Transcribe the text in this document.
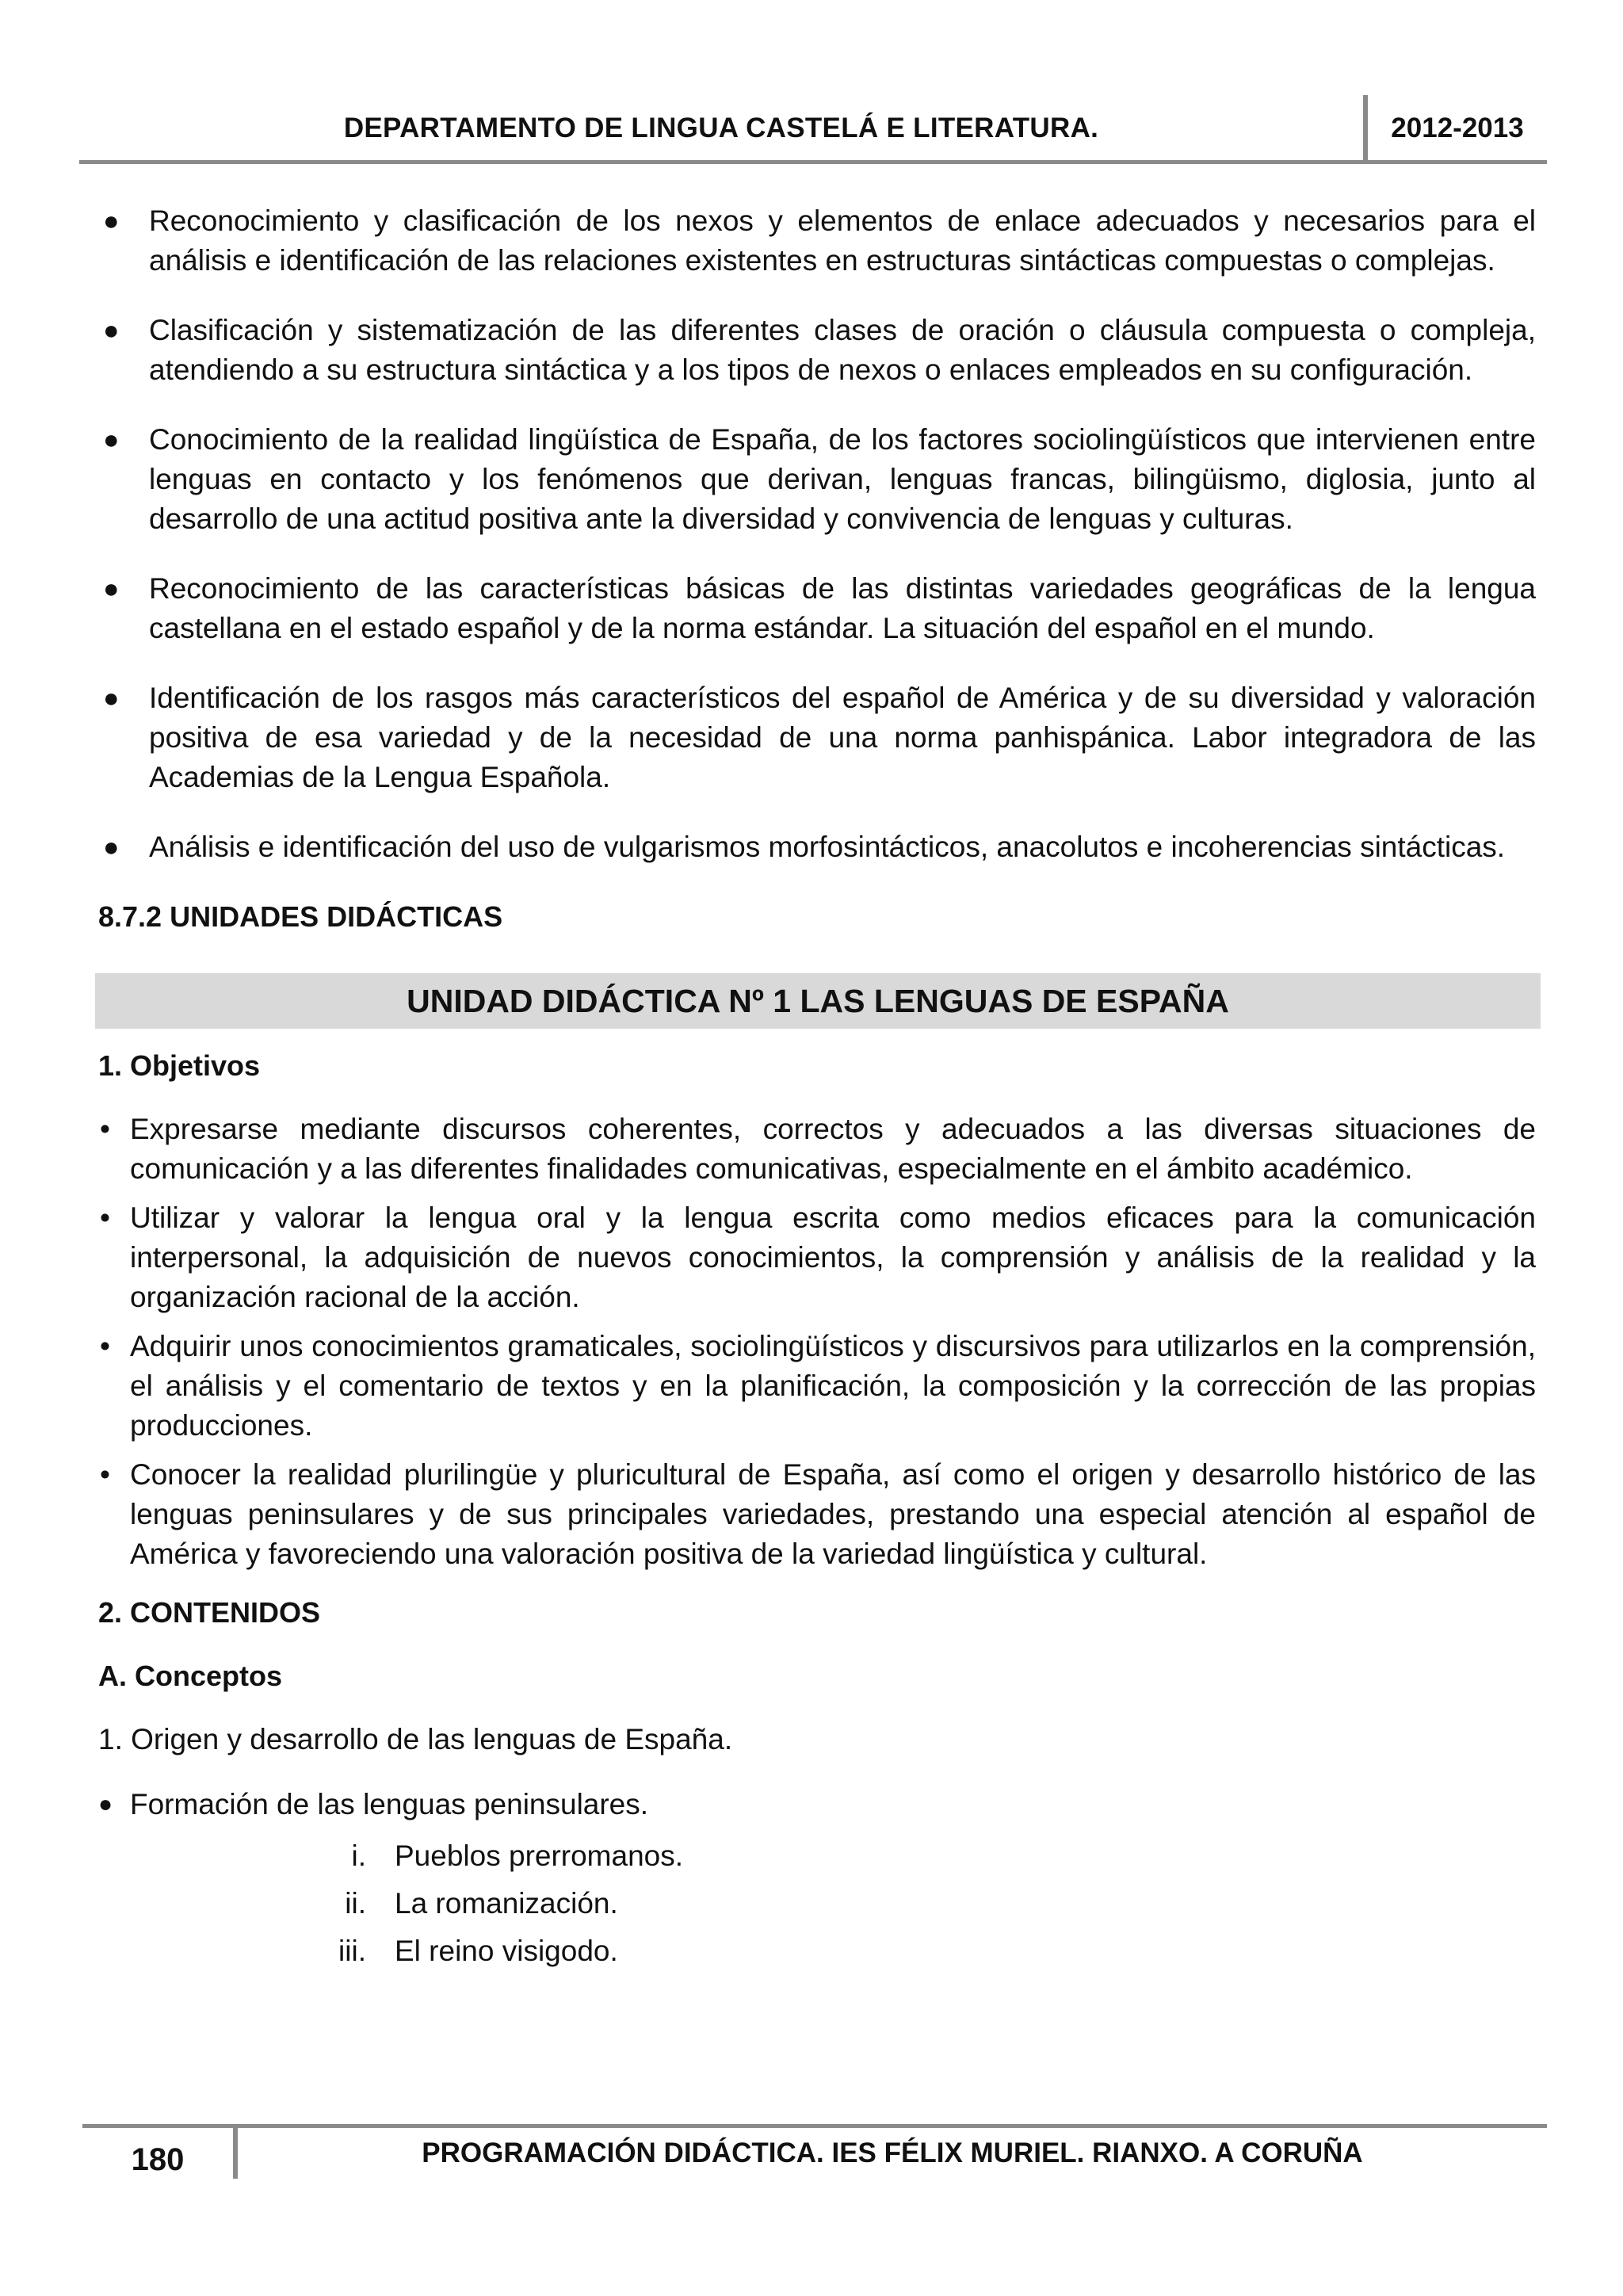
DEPARTAMENTO DE LINGUA CASTELÁ E LITERATURA.	2012-2013
● Reconocimiento y clasificación de los nexos y elementos de enlace adecuados y necesarios para el análisis e identificación de las relaciones existentes en estructuras sintácticas compuestas o complejas.
● Clasificación y sistematización de las diferentes clases de oración o cláusula compuesta o compleja, atendiendo a su estructura sintáctica y a los tipos de nexos o enlaces empleados en su configuración.
● Conocimiento de la realidad lingüística de España, de los factores sociolingüísticos que intervienen entre lenguas en contacto y los fenómenos que derivan, lenguas francas, bilingüismo, diglosia, junto al desarrollo de una actitud positiva ante la diversidad y convivencia de lenguas y culturas.
● Reconocimiento de las características básicas de las distintas variedades geográficas de la lengua castellana en el estado español y de la norma estándar. La situación del español en el mundo.
● Identificación de los rasgos más característicos del español de América y de su diversidad y valoración positiva de esa variedad y de la necesidad de una norma panhispánica. Labor integradora de las Academias de la Lengua Española.
● Análisis e identificación del uso de vulgarismos morfosintácticos, anacolutos e incoherencias sintácticas.

8.7.2 UNIDADES DIDÁCTICAS

UNIDAD DIDÁCTICA Nº 1 LAS LENGUAS DE ESPAÑA

1. Objetivos

• Expresarse mediante discursos coherentes, correctos y adecuados a las diversas situaciones de comunicación y a las diferentes finalidades comunicativas, especialmente en el ámbito académico.
• Utilizar y valorar la lengua oral y la lengua escrita como medios eficaces para la comunicación interpersonal, la adquisición de nuevos conocimientos, la comprensión y análisis de la realidad y la organización racional de la acción.
• Adquirir unos conocimientos gramaticales, sociolingüísticos y discursivos para utilizarlos en la comprensión, el análisis y el comentario de textos y en la planificación, la composición y la corrección de las propias producciones.
• Conocer la realidad plurilingüe y pluricultural de España, así como el origen y desarrollo histórico de las lenguas peninsulares y de sus principales variedades, prestando una especial atención al español de América y favoreciendo una valoración positiva de la variedad lingüística y cultural.

2. CONTENIDOS

A. Conceptos

1. Origen y desarrollo de las lenguas de España.

● Formación de las lenguas peninsulares.
i. Pueblos prerromanos.
ii. La romanización.
iii. El reino visigodo.
180	PROGRAMACIÓN DIDÁCTICA. IES FÉLIX MURIEL. RIANXO. A CORUÑA
